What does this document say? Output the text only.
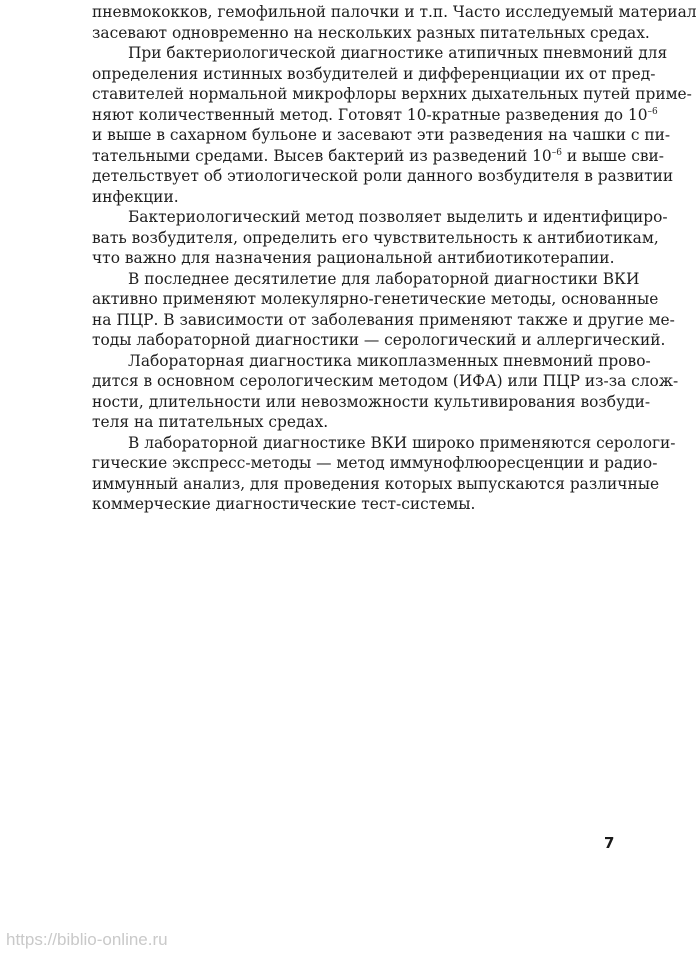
пневмококков, гемофильной палочки и т.п. Часто исследуемый материал
засевают одновременно на нескольких разных питательных средах.

При бактериологической диагностике атипичных пневмоний для
определения истинных возбудителей и дифференциации их от пред-
ставителей нормальной микрофлоры верхних дыхательных путей приме-
няют количественный метод. Готовят 10-кратные разведения до $10^{-6}$
и выше в сахарном бульоне и засевают эти разведения на чашки с пи-
тательными средами. Высев бактерий из разведений $10^{-6}$ и выше сви-
детельствует об этиологической роли данного возбудителя в развитии
инфекции.

Бактериологический метод позволяет выделить и идентифициро-
вать возбудителя, определить его чувствительность к антибиотикам,
что важно для назначения рациональной антибиотикотерапии.

В последнее десятилетие для лабораторной диагностики ВКИ
активно применяют молекулярно-генетические методы, основанные
на ПЦР. В зависимости от заболевания применяют также и другие ме-
тоды лабораторной диагностики — серологический и аллергический.

Лабораторная диагностика микоплазменных пневмоний прово-
дится в основном серологическим методом (ИФА) или ПЦР из-за слож-
ности, длительности или невозможности культивирования возбуди-
теля на питательных средах.

В лабораторной диагностике ВКИ широко применяются серологи-
гические экспресс-методы — метод иммунофлюоресценции и радио-
иммунный анализ, для проведения которых выпускаются различные
коммерческие диагностические тест-системы.

7
https://biblio-online.ru
